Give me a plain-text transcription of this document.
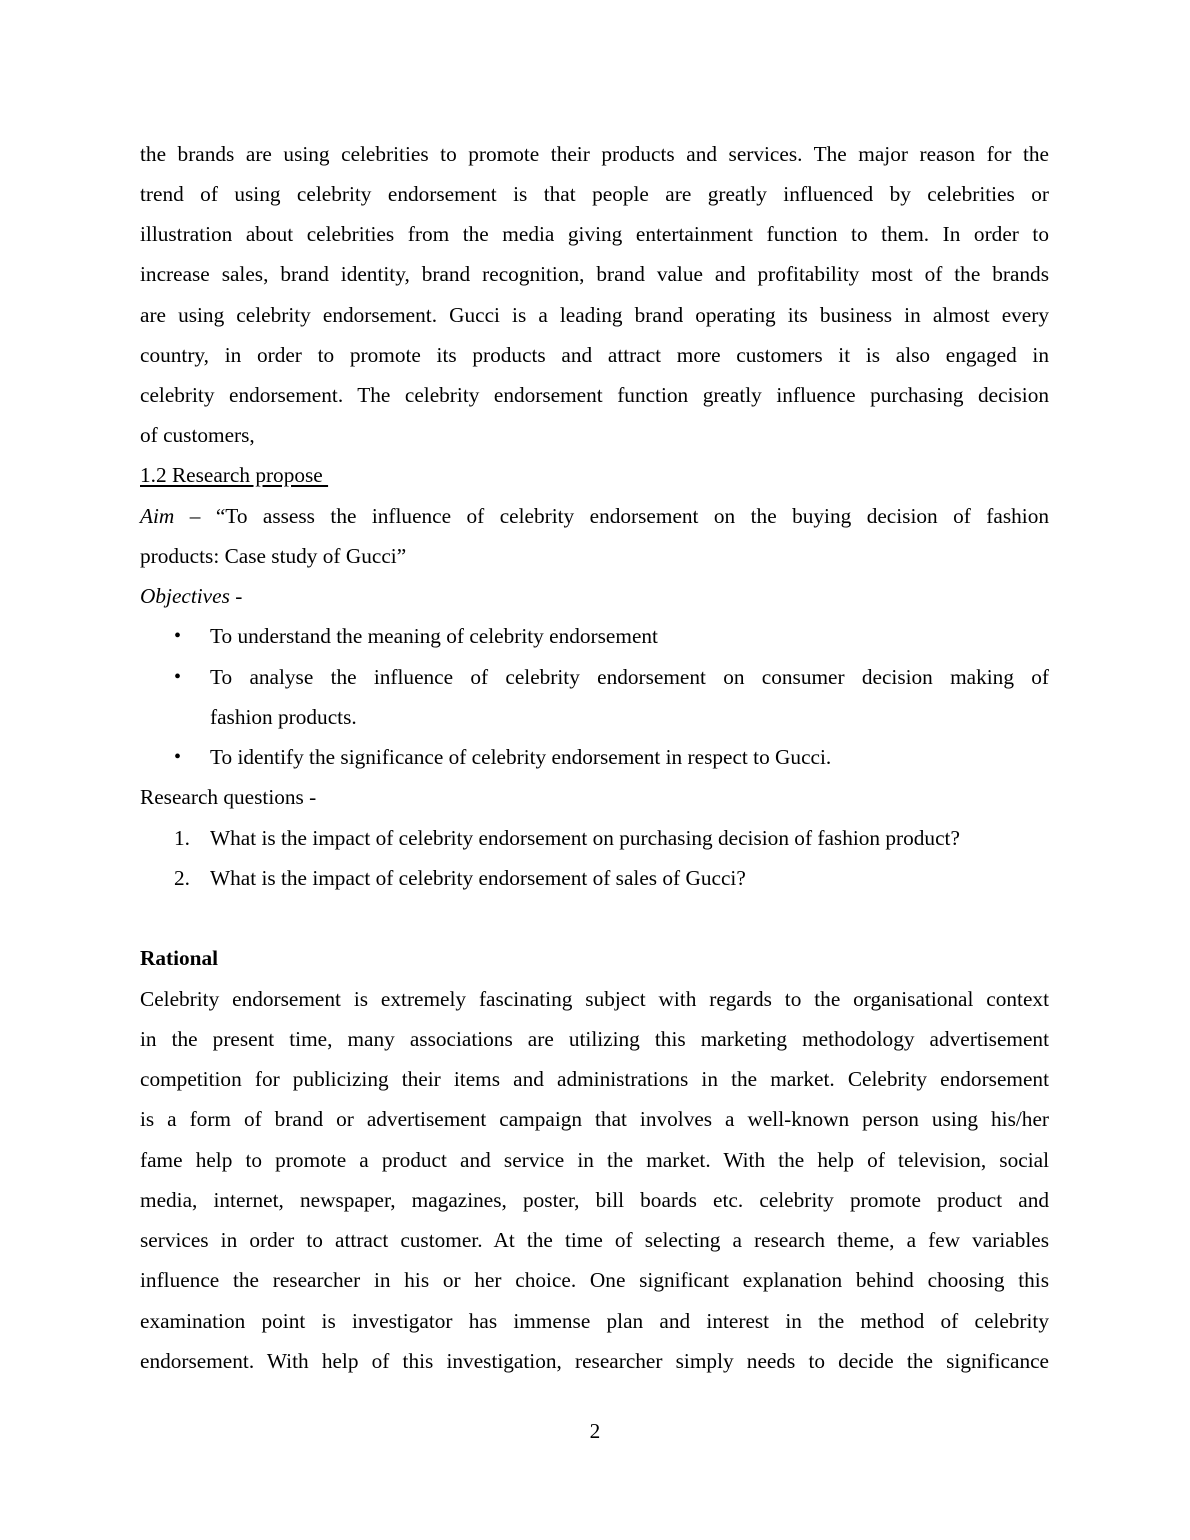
the brands are using celebrities to promote their products and services. The major reason for the
trend of using celebrity endorsement is that people are greatly influenced by celebrities or
illustration about celebrities from the media giving entertainment function to them. In order to
increase sales, brand identity, brand recognition, brand value and profitability most of the brands
are using celebrity endorsement. Gucci is a leading brand operating its business in almost every
country, in order to promote its products and attract more customers it is also engaged in
celebrity endorsement. The celebrity endorsement function greatly influence purchasing decision
of customers,
1.2 Research propose
Aim – “To assess the influence of celebrity endorsement on the buying decision of fashion
products: Case study of Gucci”
Objectives -
•	To understand the meaning of celebrity endorsement
•	To analyse the influence of celebrity endorsement on consumer decision making of
fashion products.
•	To identify the significance of celebrity endorsement in respect to Gucci.
Research questions -
1. What is the impact of celebrity endorsement on purchasing decision of fashion product?
2. What is the impact of celebrity endorsement of sales of Gucci?
Rational
Celebrity endorsement is extremely fascinating subject with regards to the organisational context
in the present time, many associations are utilizing this marketing methodology advertisement
competition for publicizing their items and administrations in the market. Celebrity endorsement
is a form of brand or advertisement campaign that involves a well-known person using his/her
fame help to promote a product and service in the market. With the help of television, social
media, internet, newspaper, magazines, poster, bill boards etc. celebrity promote product and
services in order to attract customer. At the time of selecting a research theme, a few variables
influence the researcher in his or her choice. One significant explanation behind choosing this
examination point is investigator has immense plan and interest in the method of celebrity
endorsement. With help of this investigation, researcher simply needs to decide the significance
2
